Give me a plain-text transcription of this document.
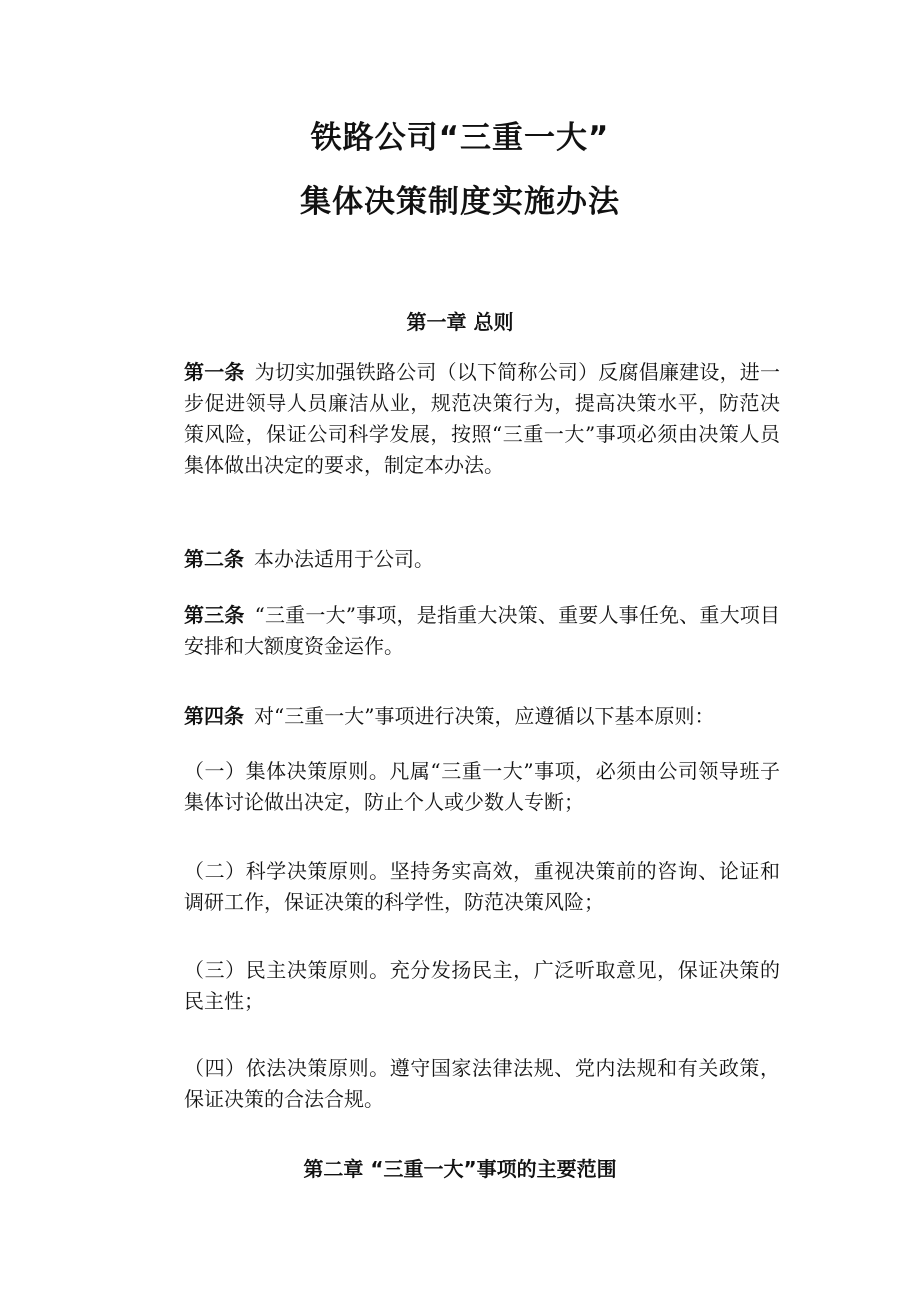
铁路公司“三重一大”
集体决策制度实施办法
第一章 总则
第一条 为切实加强铁路公司（以下简称公司）反腐倡廉建设，进一步促进领导人员廉洁从业，规范决策行为，提高决策水平，防范决策风险，保证公司科学发展，按照“三重一大”事项必须由决策人员集体做出决定的要求，制定本办法。
第二条 本办法适用于公司。
第三条 “三重一大”事项，是指重大决策、重要人事任免、重大项目安排和大额度资金运作。
第四条 对“三重一大”事项进行决策，应遵循以下基本原则：
（一）集体决策原则。凡属“三重一大”事项，必须由公司领导班子集体讨论做出决定，防止个人或少数人专断；
（二）科学决策原则。坚持务实高效，重视决策前的咨询、论证和调研工作，保证决策的科学性，防范决策风险；
（三）民主决策原则。充分发扬民主，广泛听取意见，保证决策的民主性；
（四）依法决策原则。遵守国家法律法规、党内法规和有关政策，保证决策的合法合规。
第二章 “三重一大”事项的主要范围
